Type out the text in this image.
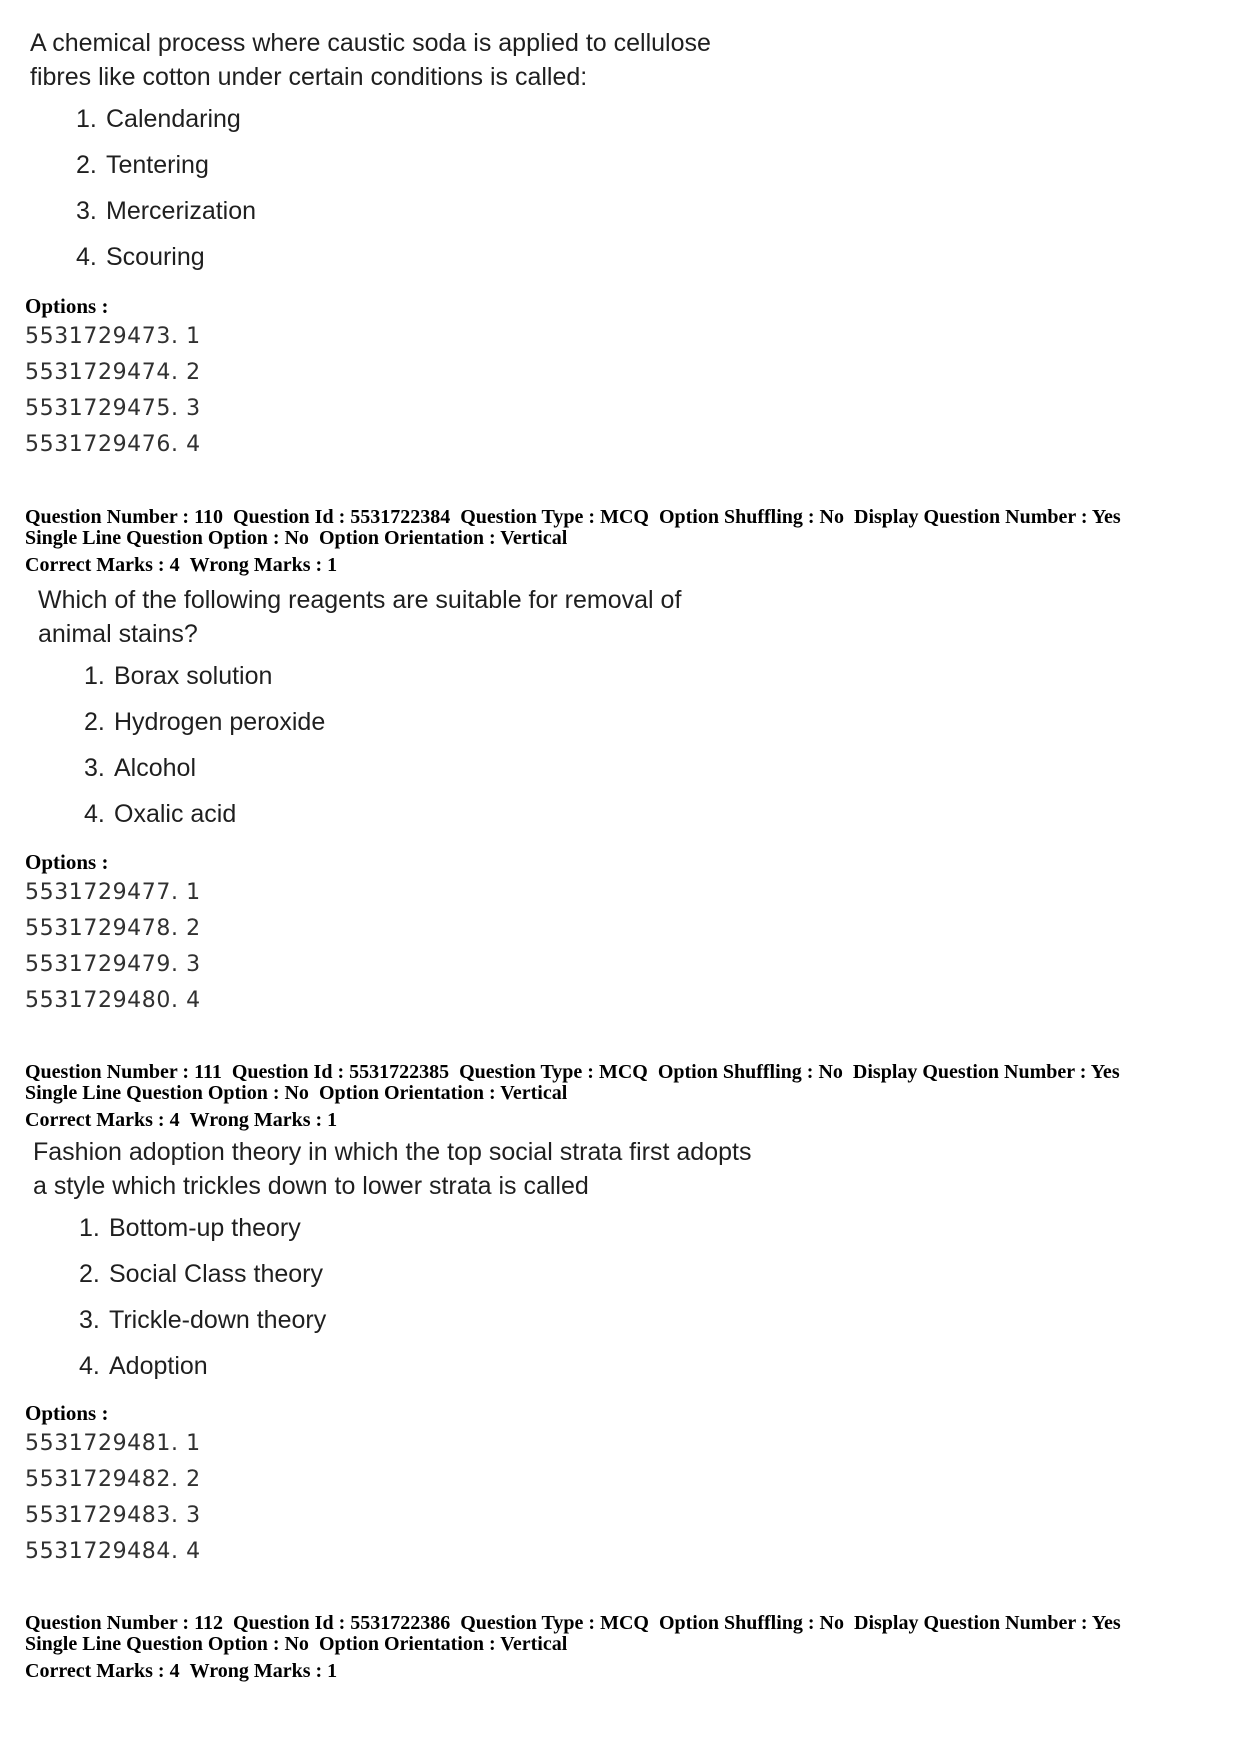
A chemical process where caustic soda is applied to cellulose

fibres like cotton under certain conditions is called:

1. Calendaring

2. Tentering

3. Mercerization

4. Scouring

Options :

5531729473. 1

5531729474. 2

5531729475. 3

5531729476. 4

Question Number : 110 Question Id : 5531722384 Question Type : MCQ Option Shuffling : No Display Question Number : Yes

Single Line Question Option : No Option Orientation : Vertical

Correct Marks : 4 Wrong Marks : 1

Which of the following reagents are suitable for removal of

animal stains?

1. Borax solution

2. Hydrogen peroxide

3. Alcohol

4. Oxalic acid

Options :

5531729477. 1

5531729478. 2

5531729479. 3

5531729480. 4

Question Number : 111 Question Id : 5531722385 Question Type : MCQ Option Shuffling : No Display Question Number : Yes

Single Line Question Option : No Option Orientation : Vertical

Correct Marks : 4 Wrong Marks : 1

Fashion adoption theory in which the top social strata first adopts

a style which trickles down to lower strata is called

1. Bottom-up theory

2. Social Class theory

3. Trickle-down theory

4. Adoption

Options :

5531729481. 1

5531729482. 2

5531729483. 3

5531729484. 4

Question Number : 112 Question Id : 5531722386 Question Type : MCQ Option Shuffling : No Display Question Number : Yes

Single Line Question Option : No Option Orientation : Vertical

Correct Marks : 4 Wrong Marks : 1
